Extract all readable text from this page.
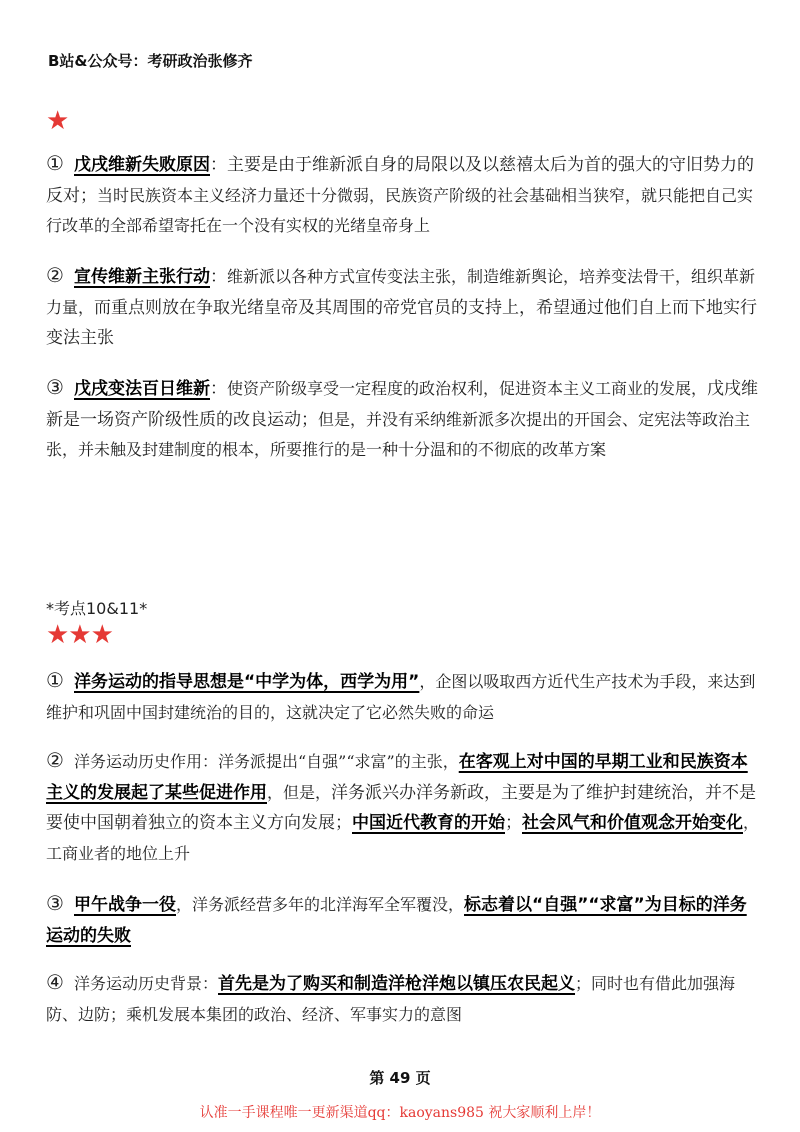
B站&公众号：考研政治张修齐
★
① 戊戌维新失败原因：主要是由于维新派自身的局限以及以慈禧太后为首的强大的守旧势力的反对；当时民族资本主义经济力量还十分微弱，民族资产阶级的社会基础相当狭窄，就只能把自己实行改革的全部希望寄托在一个没有实权的光绪皇帝身上
② 宣传维新主张行动：维新派以各种方式宣传变法主张，制造维新舆论，培养变法骨干，组织革新力量，而重点则放在争取光绪皇帝及其周围的帝党官员的支持上，希望通过他们自上而下地实行变法主张
③ 戊戌变法百日维新：使资产阶级享受一定程度的政治权利，促进资本主义工商业的发展，戊戌维新是一场资产阶级性质的改良运动；但是，并没有采纳维新派多次提出的开国会、定宪法等政治主张，并未触及封建制度的根本，所要推行的是一种十分温和的不彻底的改革方案
*考点10&11*
★★★
① 洋务运动的指导思想是“中学为体，西学为用”，企图以吸取西方近代生产技术为手段，来达到维护和巩固中国封建统治的目的，这就决定了它必然失败的命运
② 洋务运动历史作用：洋务派提出“自强”“求富”的主张，在客观上对中国的早期工业和民族资本主义的发展起了某些促进作用，但是，洋务派兴办洋务新政，主要是为了维护封建统治，并不是要使中国朝着独立的资本主义方向发展；中国近代教育的开始；社会风气和价值观念开始变化，工商业者的地位上升
③ 甲午战争一役，洋务派经营多年的北洋海军全军覆没，标志着以“自强”“求富”为目标的洋务运动的失败
④ 洋务运动历史背景：首先是为了购买和制造洋枪洋炮以镇压农民起义；同时也有借此加强海防、边防；乘机发展本集团的政治、经济、军事实力的意图
第 49 页
认准一手课程唯一更新渠道qq：kaoyans985 祝大家顺利上岸！
